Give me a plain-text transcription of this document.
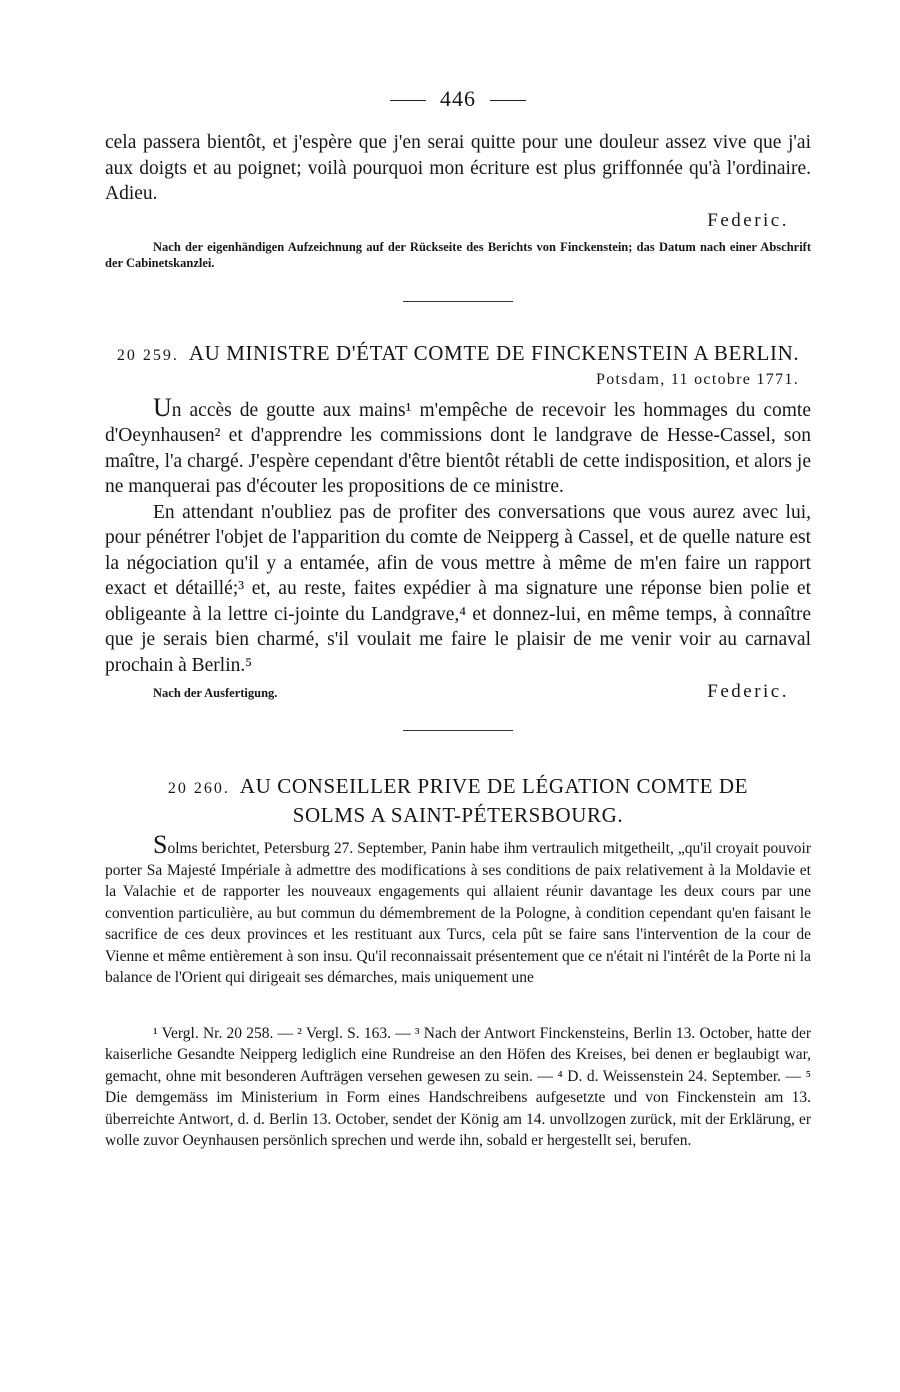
446

cela passera bientôt, et j'espère que j'en serai quitte pour une douleur assez vive que j'ai aux doigts et au poignet; voilà pourquoi mon écriture est plus griffonnée qu'à l'ordinaire. Adieu.

Federic.

Nach der eigenhändigen Aufzeichnung auf der Rückseite des Berichts von Finckenstein; das Datum nach einer Abschrift der Cabinetskanzlei.

20 259. AU MINISTRE D'ÉTAT COMTE DE FINCKENSTEIN A BERLIN.

Potsdam, 11 octobre 1771.

Un accès de goutte aux mains¹ m'empêche de recevoir les hommages du comte d'Oeynhausen² et d'apprendre les commissions dont le landgrave de Hesse-Cassel, son maître, l'a chargé. J'espère cependant d'être bientôt rétabli de cette indisposition, et alors je ne manquerai pas d'écouter les propositions de ce ministre.

En attendant n'oubliez pas de profiter des conversations que vous aurez avec lui, pour pénétrer l'objet de l'apparition du comte de Neipperg à Cassel, et de quelle nature est la négociation qu'il y a entamée, afin de vous mettre à même de m'en faire un rapport exact et détaillé;³ et, au reste, faites expédier à ma signature une réponse bien polie et obligeante à la lettre ci-jointe du Landgrave,⁴ et donnez-lui, en même temps, à connaître que je serais bien charmé, s'il voulait me faire le plaisir de me venir voir au carnaval prochain à Berlin.⁵

Nach der Ausfertigung.	Federic.

20 260. AU CONSEILLER PRIVE DE LÉGATION COMTE DE SOLMS A SAINT-PÉTERSBOURG.

Solms berichtet, Petersburg 27. September, Panin habe ihm vertraulich mitgetheilt, „qu'il croyait pouvoir porter Sa Majesté Impériale à admettre des modifications à ses conditions de paix relativement à la Moldavie et la Valachie et de rapporter les nouveaux engagements qui allaient réunir davantage les deux cours par une convention particulière, au but commun du démembrement de la Pologne, à condition cependant qu'en faisant le sacrifice de ces deux provinces et les restituant aux Turcs, cela pût se faire sans l'intervention de la cour de Vienne et même entièrement à son insu. Qu'il reconnaissait présentement que ce n'était ni l'intérêt de la Porte ni la balance de l'Orient qui dirigeait ses démarches, mais uniquement une

¹ Vergl. Nr. 20 258. — ² Vergl. S. 163. — ³ Nach der Antwort Finckensteins, Berlin 13. October, hatte der kaiserliche Gesandte Neipperg lediglich eine Rundreise an den Höfen des Kreises, bei denen er beglaubigt war, gemacht, ohne mit besonderen Aufträgen versehen gewesen zu sein. — ⁴ D. d. Weissenstein 24. September. — ⁵ Die demgemäss im Ministerium in Form eines Handschreibens aufgesetzte und von Finckenstein am 13. überreichte Antwort, d. d. Berlin 13. October, sendet der König am 14. unvollzogen zurück, mit der Erklärung, er wolle zuvor Oeynhausen persönlich sprechen und werde ihn, sobald er hergestellt sei, berufen.
